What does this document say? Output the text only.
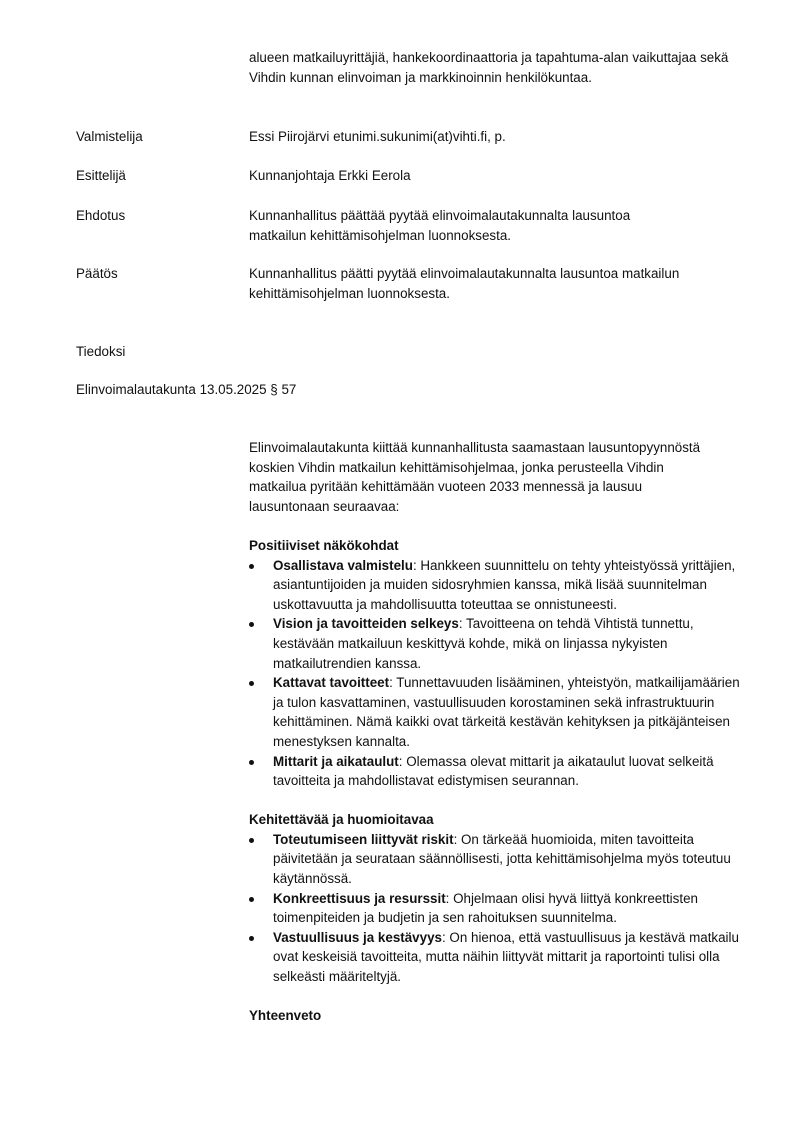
alueen matkailuyrittäjiä, hankekoordinaattoria ja tapahtuma-alan vaikuttajaa sekä Vihdin kunnan elinvoiman ja markkinoinnin henkilökuntaa.

Valmistelija	Essi Piirojärvi etunimi.sukunimi(at)vihti.fi, p.

Esittelijä	Kunnanjohtaja Erkki Eerola

Ehdotus	Kunnanhallitus päättää pyytää elinvoimalautakunnalta lausuntoa matkailun kehittämisohjelman luonnoksesta.

Päätös	Kunnanhallitus päätti pyytää elinvoimalautakunnalta lausuntoa matkailun kehittämisohjelman luonnoksesta.

Tiedoksi

Elinvoimalautakunta 13.05.2025 § 57

Elinvoimalautakunta kiittää kunnanhallitusta saamastaan lausuntopyynnöstä koskien Vihdin matkailun kehittämisohjelmaa, jonka perusteella Vihdin matkailua pyritään kehittämään vuoteen 2033 mennessä ja lausuu lausuntonaan seuraavaa:

Positiiviset näkökohdat

Osallistava valmistelu: Hankkeen suunnittelu on tehty yhteistyössä yrittäjien, asiantuntijoiden ja muiden sidosryhmien kanssa, mikä lisää suunnitelman uskottavuutta ja mahdollisuutta toteuttaa se onnistuneesti.
Vision ja tavoitteiden selkeys: Tavoitteena on tehdä Vihtistä tunnettu, kestävään matkailuun keskittyvä kohde, mikä on linjassa nykyisten matkailutrendien kanssa.
Kattavat tavoitteet: Tunnettavuuden lisääminen, yhteistyön, matkailijamäärien ja tulon kasvattaminen, vastuullisuuden korostaminen sekä infrastruktuurin kehittäminen. Nämä kaikki ovat tärkeitä kestävän kehityksen ja pitkäjänteisen menestyksen kannalta.
Mittarit ja aikataulut: Olemassa olevat mittarit ja aikataulut luovat selkeitä tavoitteita ja mahdollistavat edistymisen seurannan.

Kehitettävää ja huomioitavaa

Toteutumiseen liittyvät riskit: On tärkeää huomioida, miten tavoitteita päivitetään ja seurataan säännöllisesti, jotta kehittämisohjelma myös toteutuu käytännössä.
Konkreettisuus ja resurssit: Ohjelmaan olisi hyvä liittyä konkreettisten toimenpiteiden ja budjetin ja sen rahoituksen suunnitelma.
Vastuullisuus ja kestävyys: On hienoa, että vastuullisuus ja kestävä matkailu ovat keskeisiä tavoitteita, mutta näihin liittyvät mittarit ja raportointi tulisi olla selkeästi määriteltyjä.

Yhteenveto
